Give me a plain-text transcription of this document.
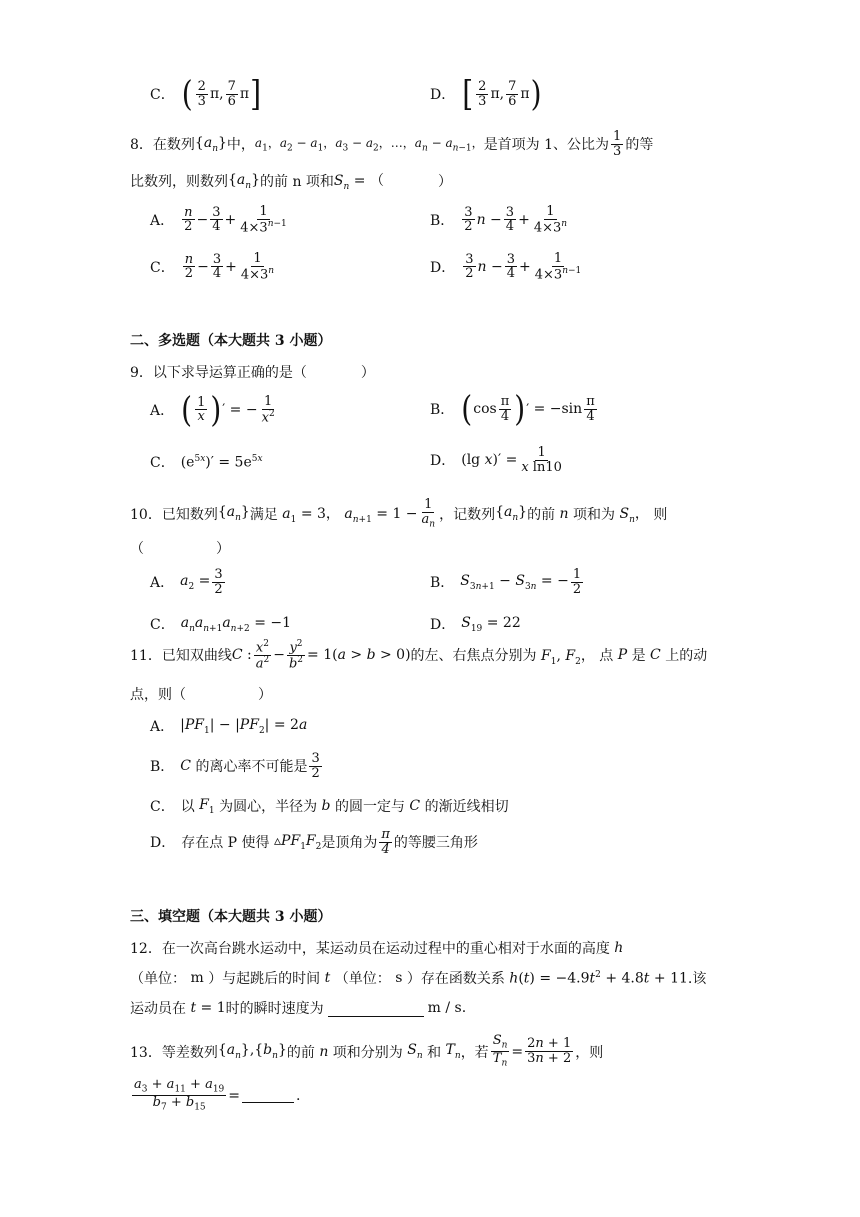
C． ( $\frac{2}{3} \pi$, $\frac{7}{6}$ π ]	D． [ $\frac{2}{3} \pi$, $\frac{7}{6}$ π )
8． 在数列 $\{a_n\}$ 中， $a_1$，$a_2 - a_1$，$a_3 - a_2$，…，$a_n - a_{n-1}$， 是首项为 1、公比为 $\frac{1}{3}$ 的等
比数列，则数列 $\{a_n\}$ 的前 n 项和 $S_n$ = （	）
A． $\frac{n}{2} - \frac{3}{4} + \frac{1}{4\times 3^{n-1}}$	B． $\frac{3}{2}$ $n - \frac{3}{4} + \frac{1}{4\times 3^n}$
C． $\frac{n}{2} - \frac{3}{4} + \frac{1}{4\times 3^n}$	D． $\frac{3}{2}$ $n - \frac{3}{4} + \frac{1}{4\times 3^{n-1}}$
二、多选题（本大题共 3 小题）
9． 以下求导运算正确的是（	）
A． ( $\frac{1}{x}$ ) ′ = − $\frac{1}{x^2}$	B． ( $\cos \frac{\pi}{4}$ ) ′ = $-\sin \frac{\pi}{4}$
C． $(e^{5x})' = 5e^{5x}$	D． (lg $x)' = \frac{1}{\text{x ln10}}$
10． 已知数列 $\{a_n\}$ 满足 $a_1 = 3$， $a_{n+1} = 1 - \frac{1}{a_n}$ ， 记数列 $\{a_n\}$ 的前 n 项和为 $S_n$， 则
（	）
A． $a_2 = \frac{3}{2}$	B． $S_{3n+1} - S_{3n}$ = − $\frac{1}{2}$
C． $a_na_{n+1}a_{n+2} = -1$	D． $S_{19} = 22$
11． 已知双曲线 C : $\frac{x^2}{a^2} - \frac{y^2}{b^2} = 1(a > b > 0)$ 的左、右焦点分别为 $F_1$, $F_2$， 点 P 是 C 上的动
点，则（	）
A． $|PF_1| - |PF_2| = 2a$
B． C 的离心率不可能是 $\frac{3}{2}$
C． 以 $F_1$ 为圆心，半径为 b 的圆一定与 C 的渐近线相切
D． 存在点 P 使得 $▵PF_1F_2$ 是顶角为 $\frac{\pi}{4}$ 的等腰三角形
三、填空题（本大题共 3 小题）
12． 在一次高台跳水运动中，某运动员在运动过程中的重心相对于水面的高度 h
（单位：
m
）与起跳后的时间 t （单位：
s
）存在函数关系 $h(t) = -4.9t^2 + 4.8t + 11$ .该
运动员在 t = 1 时的瞬时速度为	m / s.
13． 等差数列 $\{a_n\},\{b_n\}$ 的前 n 项和分别为 $S_n$ 和 $T_n$ ，若 $\frac{S_n}{T_n} = \frac{2n + 1}{3n + 2}$ ，则
$\frac{a_3 + a_{11} + a_{19}}{b_7 + b_{15}}$ =	.
